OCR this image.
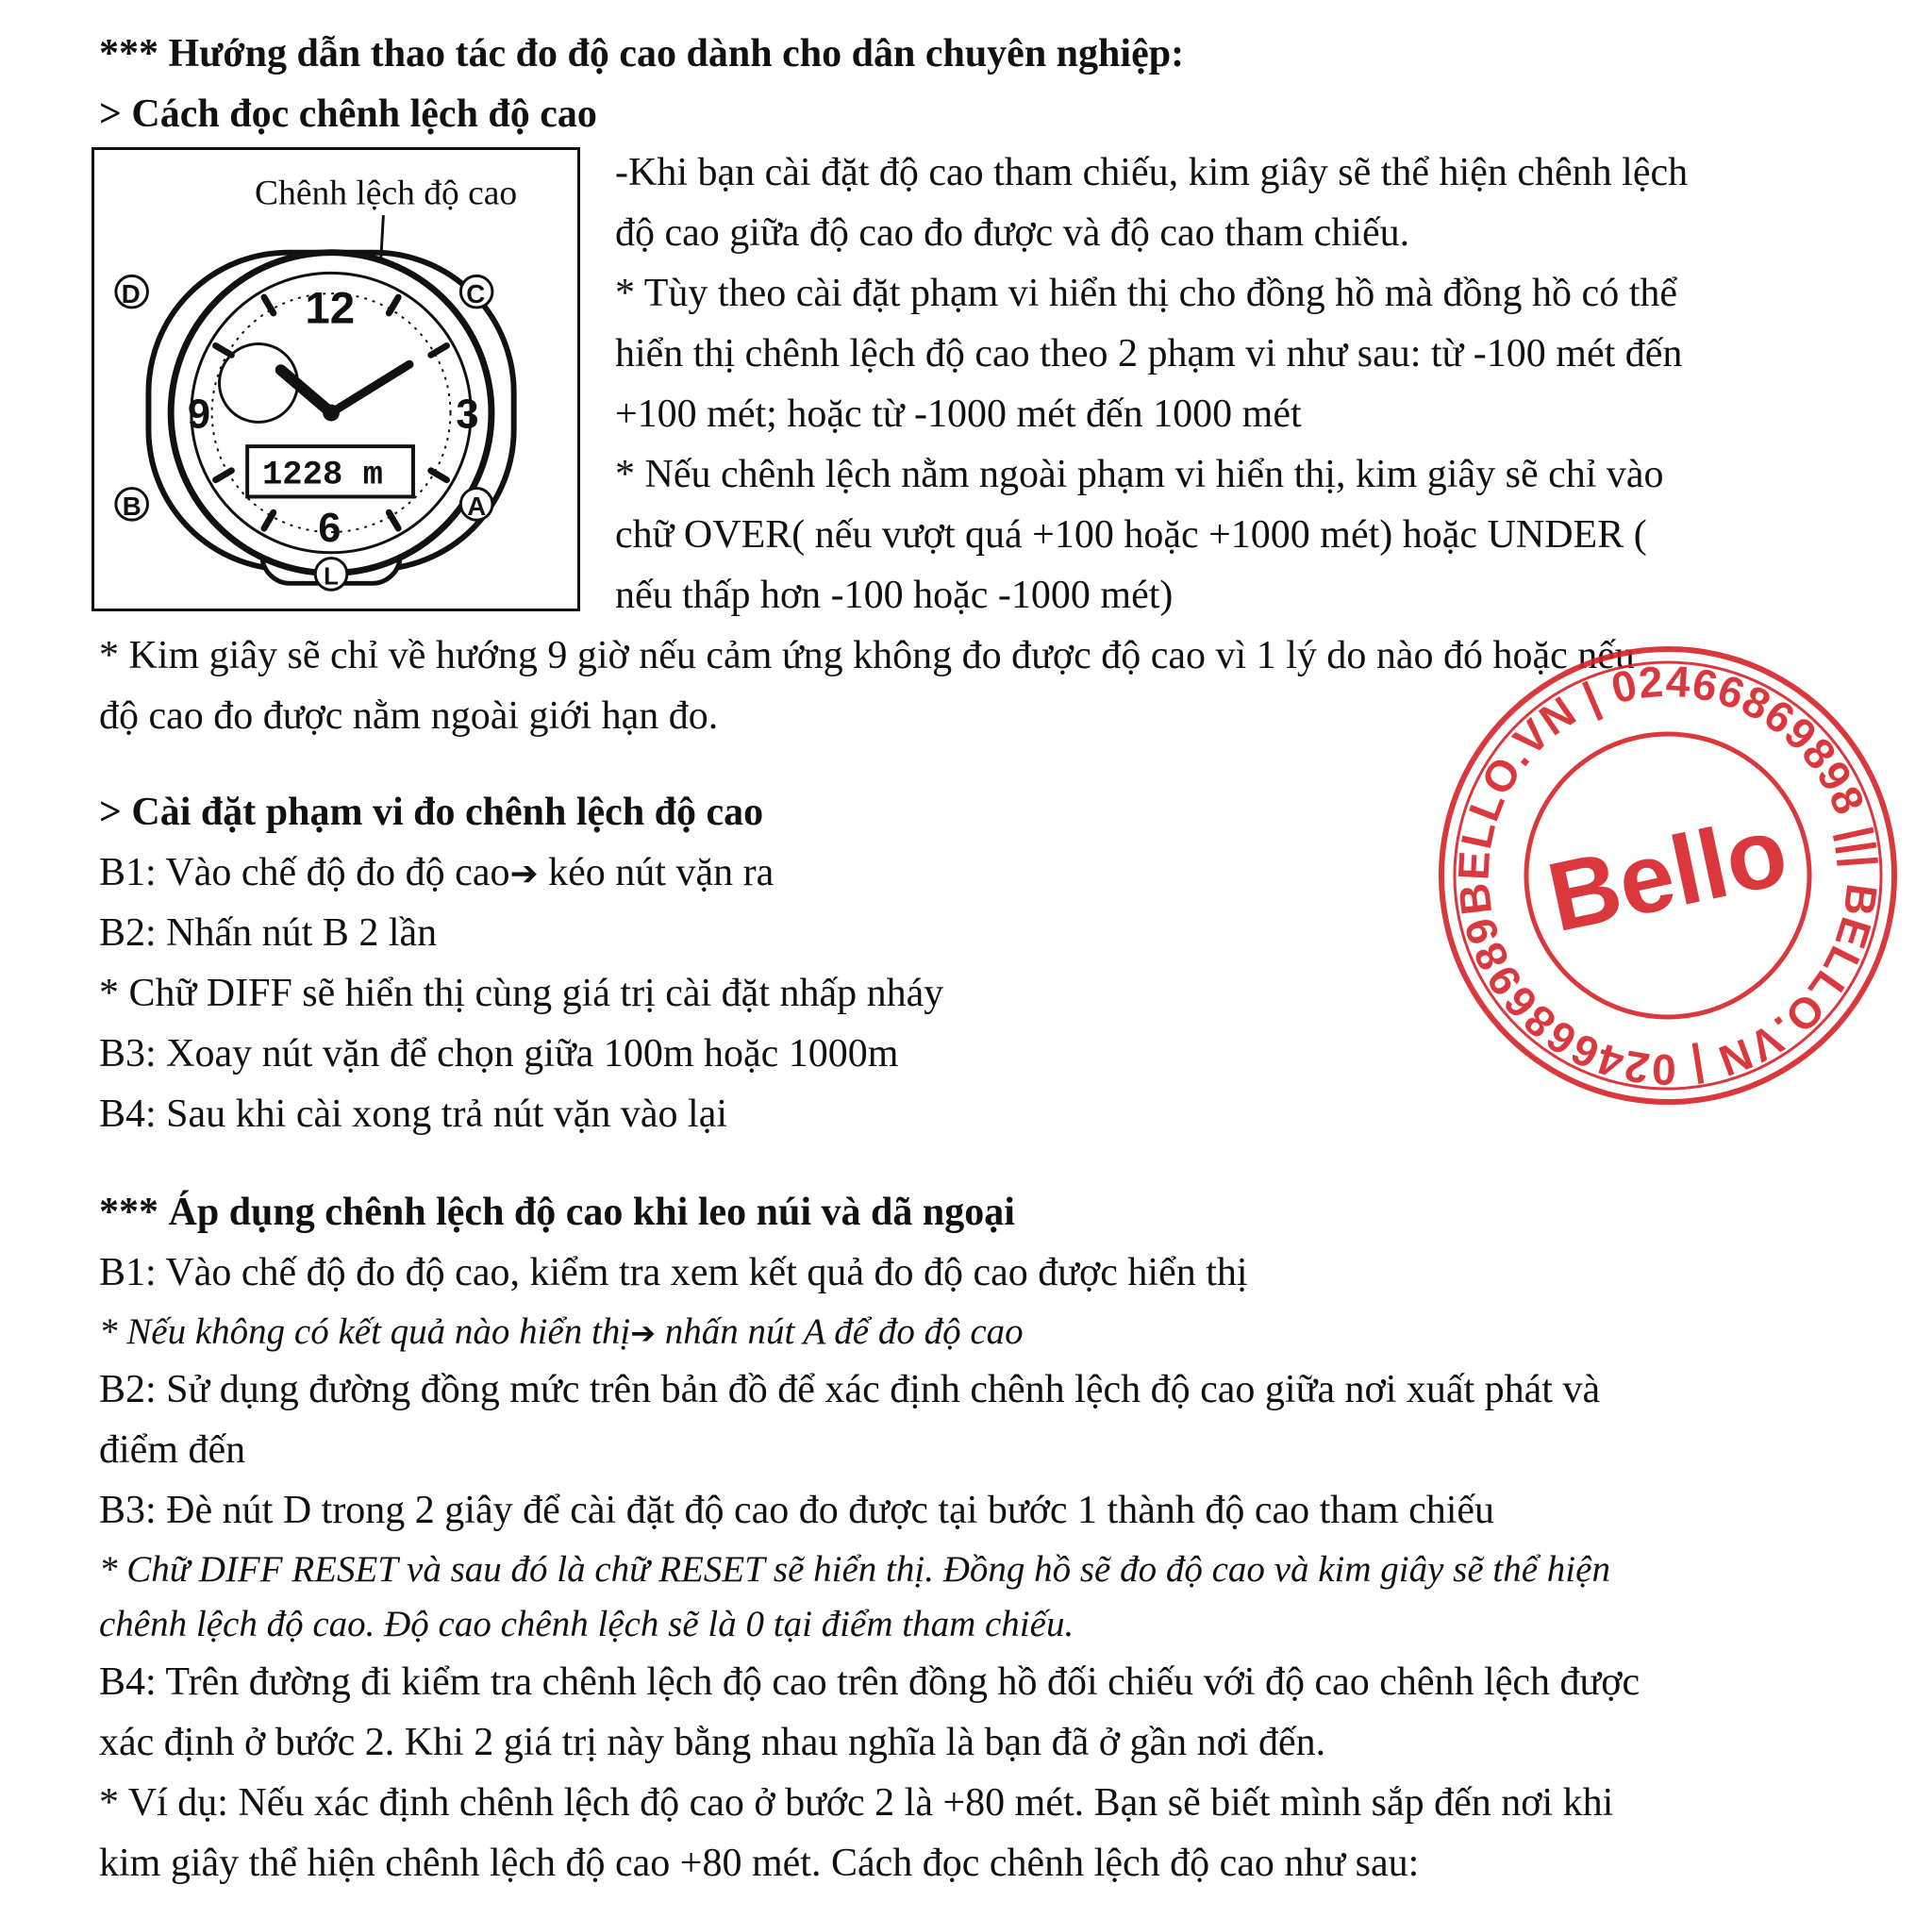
*** Hướng dẫn thao tác đo độ cao dành cho dân chuyên nghiệp:
> Cách đọc chênh lệch độ cao
Chênh lệch độ cao
12
3
6
9
1228 m
D	C
B	A
L
-Khi bạn cài đặt độ cao tham chiếu, kim giây sẽ thể hiện chênh lệch
độ cao giữa độ cao đo được và độ cao tham chiếu.
* Tùy theo cài đặt phạm vi hiển thị cho đồng hồ mà đồng hồ có thể
hiển thị chênh lệch độ cao theo 2 phạm vi như sau: từ -100 mét đến
+100 mét; hoặc từ -1000 mét đến 1000 mét
* Nếu chênh lệch nằm ngoài phạm vi hiển thị, kim giây sẽ chỉ vào
chữ OVER( nếu vượt quá +100 hoặc +1000 mét) hoặc UNDER (
nếu thấp hơn -100 hoặc -1000 mét)
* Kim giây sẽ chỉ về hướng 9 giờ nếu cảm ứng không đo được độ cao vì 1 lý do nào đó hoặc nếu
độ cao đo được nằm ngoài giới hạn đo.
> Cài đặt phạm vi đo chênh lệch độ cao
B1: Vào chế độ đo độ cao➔ kéo nút vặn ra
B2: Nhấn nút B 2 lần
* Chữ DIFF sẽ hiển thị cùng giá trị cài đặt nhấp nháy
B3: Xoay nút vặn để chọn giữa 100m hoặc 1000m
B4: Sau khi cài xong trả nút vặn vào lại
*** Áp dụng chênh lệch độ cao khi leo núi và dã ngoại
B1: Vào chế độ đo độ cao, kiểm tra xem kết quả đo độ cao được hiển thị
* Nếu không có kết quả nào hiển thị➔ nhấn nút A để đo độ cao
B2: Sử dụng đường đồng mức trên bản đồ để xác định chênh lệch độ cao giữa nơi xuất phát và
điểm đến
B3: Đè nút D trong 2 giây để cài đặt độ cao đo được tại bước 1 thành độ cao tham chiếu
* Chữ DIFF RESET và sau đó là chữ RESET sẽ hiển thị. Đồng hồ sẽ đo độ cao và kim giây sẽ thể hiện
chênh lệch độ cao. Độ cao chênh lệch sẽ là 0 tại điểm tham chiếu.
B4: Trên đường đi kiểm tra chênh lệch độ cao trên đồng hồ đối chiếu với độ cao chênh lệch được
xác định ở bước 2. Khi 2 giá trị này bằng nhau nghĩa là bạn đã ở gần nơi đến.
* Ví dụ: Nếu xác định chênh lệch độ cao ở bước 2 là +80 mét. Bạn sẽ biết mình sắp đến nơi khi
kim giây thể hiện chênh lệch độ cao +80 mét. Cách đọc chênh lệch độ cao như sau:
BELLO.VN | 02466869898 ||| BELLO.VN | 02466869898
Bello
